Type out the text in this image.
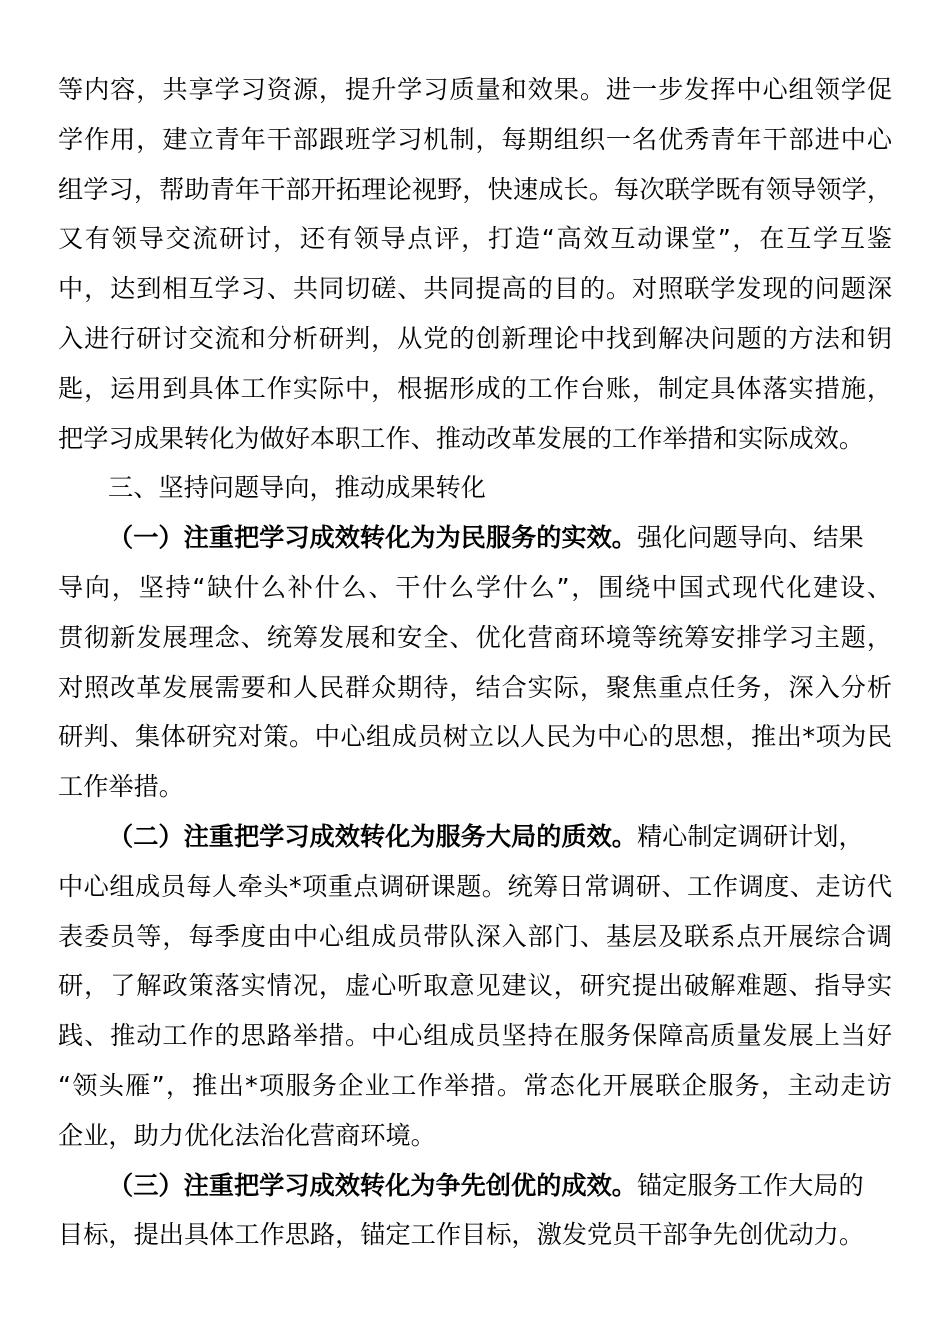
等内容，共享学习资源，提升学习质量和效果。进一步发挥中心组领学促
学作用，建立青年干部跟班学习机制，每期组织一名优秀青年干部进中心
组学习，帮助青年干部开拓理论视野，快速成长。每次联学既有领导领学，
又有领导交流研讨，还有领导点评，打造“高效互动课堂”，在互学互鉴
中，达到相互学习、共同切磋、共同提高的目的。对照联学发现的问题深
入进行研讨交流和分析研判，从党的创新理论中找到解决问题的方法和钥
匙，运用到具体工作实际中，根据形成的工作台账，制定具体落实措施，
把学习成果转化为做好本职工作、推动改革发展的工作举措和实际成效。
三、坚持问题导向，推动成果转化
（一）注重把学习成效转化为为民服务的实效。强化问题导向、结果
导向，坚持“缺什么补什么、干什么学什么”，围绕中国式现代化建设、
贯彻新发展理念、统筹发展和安全、优化营商环境等统筹安排学习主题，
对照改革发展需要和人民群众期待，结合实际，聚焦重点任务，深入分析
研判、集体研究对策。中心组成员树立以人民为中心的思想，推出*项为民
工作举措。
（二）注重把学习成效转化为服务大局的质效。精心制定调研计划，
中心组成员每人牵头*项重点调研课题。统筹日常调研、工作调度、走访代
表委员等，每季度由中心组成员带队深入部门、基层及联系点开展综合调
研，了解政策落实情况，虚心听取意见建议，研究提出破解难题、指导实
践、推动工作的思路举措。中心组成员坚持在服务保障高质量发展上当好
“领头雁”，推出*项服务企业工作举措。常态化开展联企服务，主动走访
企业，助力优化法治化营商环境。
（三）注重把学习成效转化为争先创优的成效。锚定服务工作大局的
目标，提出具体工作思路，锚定工作目标，激发党员干部争先创优动力。
